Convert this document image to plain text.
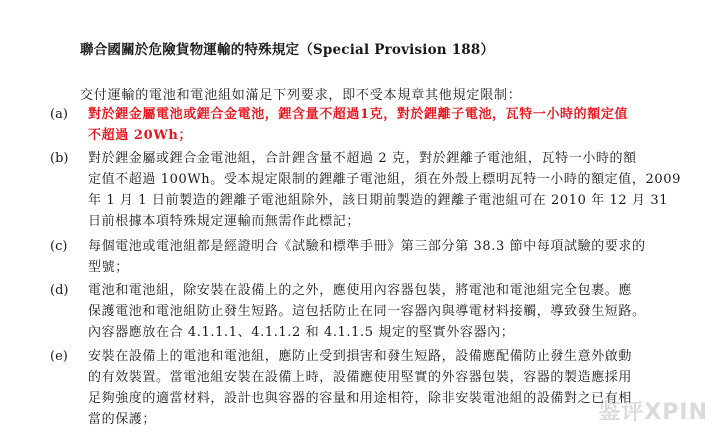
聯合國關於危險貨物運輸的特殊規定（Special Provision 188）
交付運輸的電池和電池組如滿足下列要求，即不受本規章其他規定限制：
(a) 對於鋰金屬電池或鋰合金電池，鋰含量不超過1克，對於鋰離子電池，瓦特一小時的額定值
不超過 20Wh；
(b) 對於鋰金屬或鋰合金電池組，合計鋰含量不超過 2 克，對於鋰離子電池組，瓦特一小時的額
定值不超過 100Wh。受本規定限制的鋰離子電池組，須在外殼上標明瓦特一小時的額定值，2009
年 1 月 1 日前製造的鋰離子電池組除外，該日期前製造的鋰離子電池組可在 2010 年 12 月 31
日前根據本項特殊規定運輸而無需作此標記；
(c) 每個電池或電池組都是經證明合《試驗和標準手冊》第三部分第 38.3 節中每項試驗的要求的
型號；
(d) 電池和電池組，除安裝在設備上的之外，應使用內容器包裝，將電池和電池組完全包裹。應
保護電池和電池組防止發生短路。這包括防止在同一容器內與導電材料接觸，導致發生短路。
內容器應放在合 4.1.1.1、4.1.1.2 和 4.1.1.5 規定的堅實外容器內；
(e) 安裝在設備上的電池和電池組，應防止受到損害和發生短路，設備應配備防止發生意外啟動
的有效裝置。當電池組安裝在設備上時，設備應使用堅實的外容器包裝，容器的製造應採用
足夠強度的適當材料，設計也與容器的容量和用途相符，除非安裝電池組的設備對之已有相
當的保護；	鉴评XPIN
